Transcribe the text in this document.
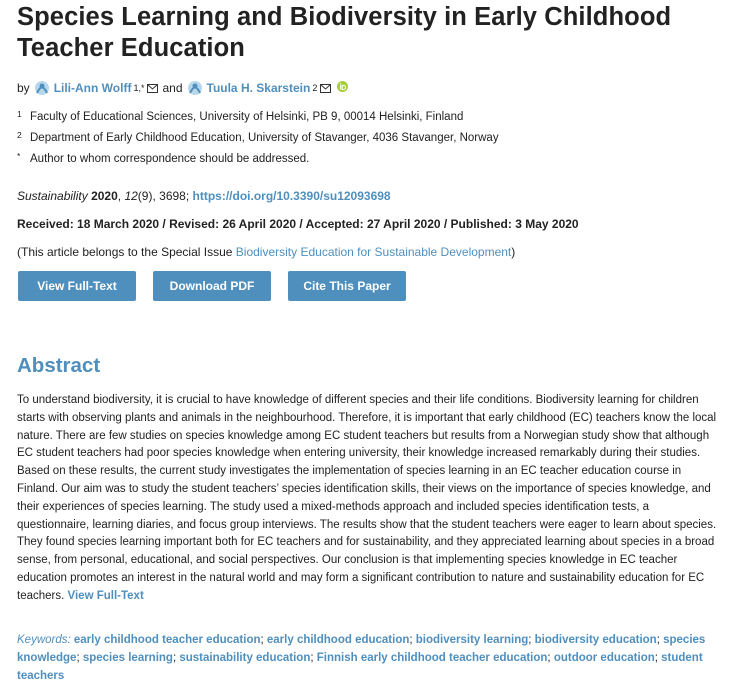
Species Learning and Biodiversity in Early Childhood Teacher Education
by Lili-Ann Wolff 1,* and Tuula H. Skarstein 2
1 Faculty of Educational Sciences, University of Helsinki, PB 9, 00014 Helsinki, Finland
2 Department of Early Childhood Education, University of Stavanger, 4036 Stavanger, Norway
* Author to whom correspondence should be addressed.
Sustainability 2020, 12(9), 3698; https://doi.org/10.3390/su12093698
Received: 18 March 2020 / Revised: 26 April 2020 / Accepted: 27 April 2020 / Published: 3 May 2020
(This article belongs to the Special Issue Biodiversity Education for Sustainable Development)
View Full-Text	Download PDF	Cite This Paper
Abstract
To understand biodiversity, it is crucial to have knowledge of different species and their life conditions. Biodiversity learning for children starts with observing plants and animals in the neighbourhood. Therefore, it is important that early childhood (EC) teachers know the local nature. There are few studies on species knowledge among EC student teachers but results from a Norwegian study show that although EC student teachers had poor species knowledge when entering university, their knowledge increased remarkably during their studies. Based on these results, the current study investigates the implementation of species learning in an EC teacher education course in Finland. Our aim was to study the student teachers’ species identification skills, their views on the importance of species knowledge, and their experiences of species learning. The study used a mixed-methods approach and included species identification tests, a questionnaire, learning diaries, and focus group interviews. The results show that the student teachers were eager to learn about species. They found species learning important both for EC teachers and for sustainability, and they appreciated learning about species in a broad sense, from personal, educational, and social perspectives. Our conclusion is that implementing species knowledge in EC teacher education promotes an interest in the natural world and may form a significant contribution to nature and sustainability education for EC teachers. View Full-Text
Keywords: early childhood teacher education; early childhood education; biodiversity learning; biodiversity education; species knowledge; species learning; sustainability education; Finnish early childhood teacher education; outdoor education; student teachers
